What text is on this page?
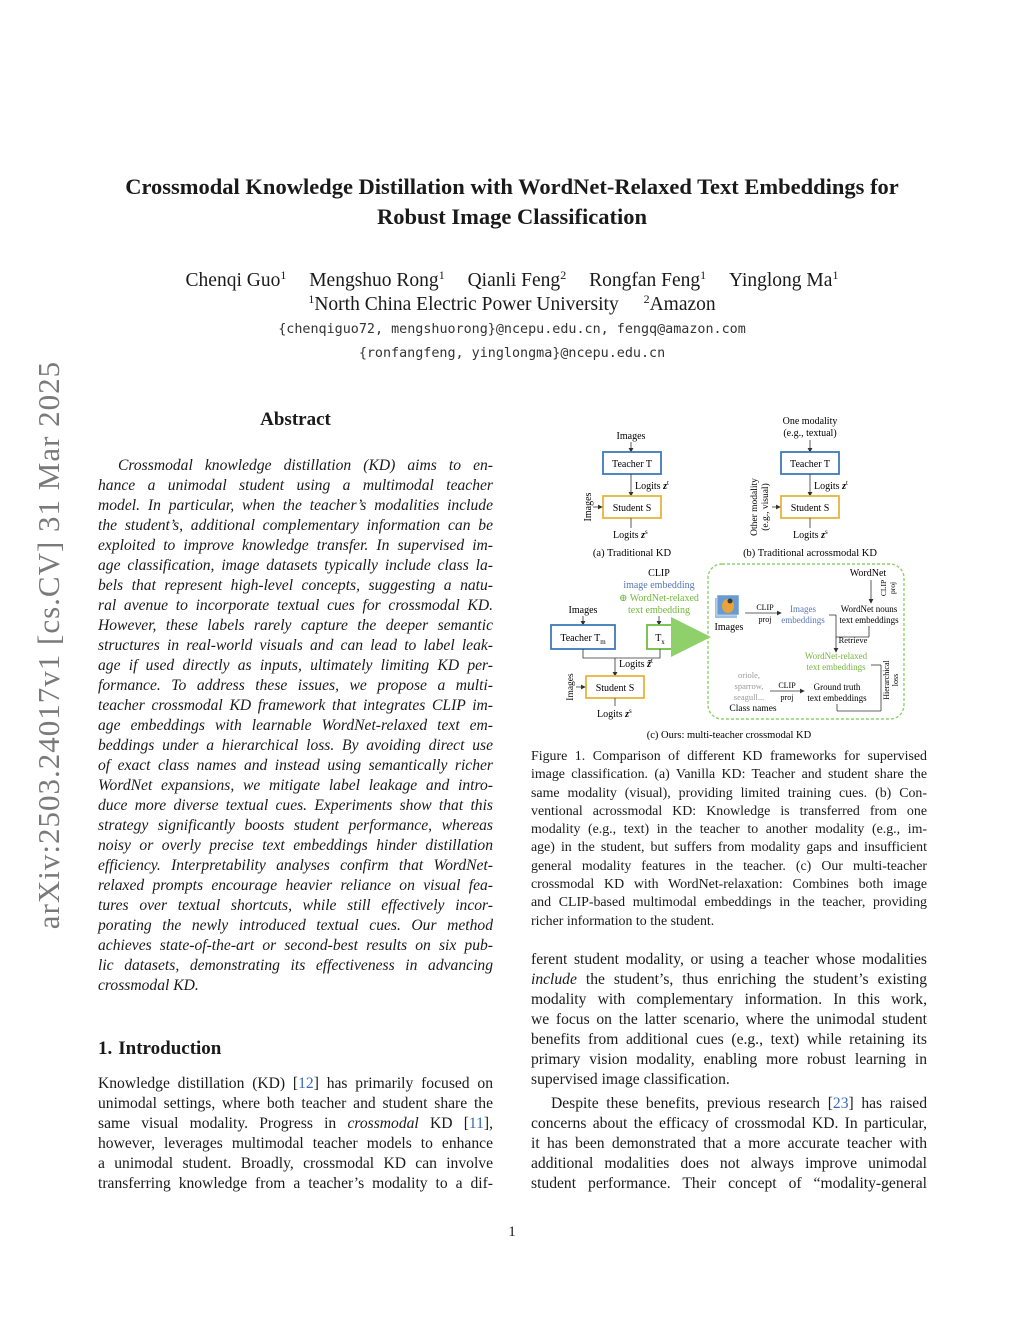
arXiv:2503.24017v1 [cs.CV] 31 Mar 2025
Crossmodal Knowledge Distillation with WordNet-Relaxed Text Embeddings for
Robust Image Classification
Chenqi Guo$^1$ Mengshuo Rong$^1$ Qianli Feng$^2$ Rongfan Feng$^1$ Yinglong Ma$^1$
$^1$North China Electric Power University $^2$Amazon
{chenqiguo72, mengshuorong}@ncepu.edu.cn, fengq@amazon.com
{ronfangfeng, yinglongma}@ncepu.edu.cn
Abstract
Crossmodal knowledge distillation (KD) aims to en-
hance a unimodal student using a multimodal teacher
model. In particular, when the teacher’s modalities include
the student’s, additional complementary information can be
exploited to improve knowledge transfer. In supervised im-
age classification, image datasets typically include class la-
bels that represent high-level concepts, suggesting a natu-
ral avenue to incorporate textual cues for crossmodal KD.
However, these labels rarely capture the deeper semantic
structures in real-world visuals and can lead to label leak-
age if used directly as inputs, ultimately limiting KD per-
formance. To address these issues, we propose a multi-
teacher crossmodal KD framework that integrates CLIP im-
age embeddings with learnable WordNet-relaxed text em-
beddings under a hierarchical loss. By avoiding direct use
of exact class names and instead using semantically richer
WordNet expansions, we mitigate label leakage and intro-
duce more diverse textual cues. Experiments show that this
strategy significantly boosts student performance, whereas
noisy or overly precise text embeddings hinder distillation
efficiency. Interpretability analyses confirm that WordNet-
relaxed prompts encourage heavier reliance on visual fea-
tures over textual shortcuts, while still effectively incor-
porating the newly introduced textual cues. Our method
achieves state-of-the-art or second-best results on six pub-
lic datasets, demonstrating its effectiveness in advancing
crossmodal KD.
1. Introduction
Knowledge distillation (KD) [12] has primarily focused on
unimodal settings, where both teacher and student share the
same visual modality. Progress in crossmodal KD [11],
however, leverages multimodal teacher models to enhance
a unimodal student. Broadly, crossmodal KD can involve
transferring knowledge from a teacher’s modality to a dif-
Images
Teacher T
Logits $z^t$
Student S
Logits $z^s$
Images
(a) Traditional KD
One modality
(e.g., textual)
Teacher T
Logits $z^t$
Student S
Logits $z^s$
Other modality (e.g., visual)
(b) Traditional acrossmodal KD
CLIP
image embedding
⊕ WordNet-relaxed
text embedding
Images
Teacher $T_m$	$T_x$
Logits z̃$^t$
Student S
Logits $z^s$
Images
Images
CLIP
proj
Images
embeddings
WordNet
CLIP proj
WordNet nouns
text embeddings
Retrieve
WordNet-relaxed
text embeddings Hierarchical loss
oriole,
sparrow,
seagull...
CLIP
proj
Ground truth
text embeddings
Class names
(c) Ours: multi-teacher crossmodal KD
Figure 1. Comparison of different KD frameworks for supervised
image classification. (a) Vanilla KD: Teacher and student share the
same modality (visual), providing limited training cues. (b) Con-
ventional acrossmodal KD: Knowledge is transferred from one
modality (e.g., text) in the teacher to another modality (e.g., im-
age) in the student, but suffers from modality gaps and insufficient
general modality features in the teacher. (c) Our multi-teacher
crossmodal KD with WordNet-relaxation: Combines both image
and CLIP-based multimodal embeddings in the teacher, providing
richer information to the student.
ferent student modality, or using a teacher whose modalities
include the student’s, thus enriching the student’s existing
modality with complementary information. In this work,
we focus on the latter scenario, where the unimodal student
benefits from additional cues (e.g., text) while retaining its
primary vision modality, enabling more robust learning in
supervised image classification.
Despite these benefits, previous research [23] has raised
concerns about the efficacy of crossmodal KD. In particular,
it has been demonstrated that a more accurate teacher with
additional modalities does not always improve unimodal
student performance. Their concept of “modality-general
1
